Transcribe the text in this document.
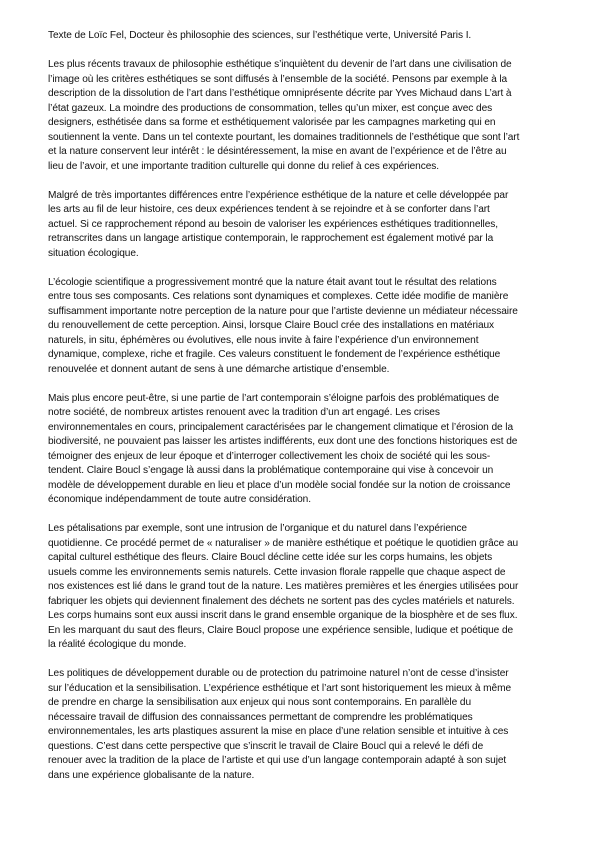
Texte de Loïc Fel, Docteur ès philosophie des sciences, sur l’esthétique verte, Université Paris I.

Les plus récents travaux de philosophie esthétique s’inquiètent du devenir de l’art dans une civilisation de l’image où les critères esthétiques se sont diffusés à l’ensemble de la société. Pensons par exemple à la description de la dissolution de l’art dans l’esthétique omniprésente décrite par Yves Michaud dans L’art à l’état gazeux. La moindre des productions de consommation, telles qu’un mixer, est conçue avec des designers, esthétisée dans sa forme et esthétiquement valorisée par les campagnes marketing qui en soutiennent la vente. Dans un tel contexte pourtant, les domaines traditionnels de l’esthétique que sont l’art et la nature conservent leur intérêt : le désintéressement, la mise en avant de l’expérience et de l’être au lieu de l’avoir, et une importante tradition culturelle qui donne du relief à ces expériences.

Malgré de très importantes différences entre l’expérience esthétique de la nature et celle développée par les arts au fil de leur histoire, ces deux expériences tendent à se rejoindre et à se conforter dans l’art actuel. Si ce rapprochement répond au besoin de valoriser les expériences esthétiques traditionnelles, retranscrites dans un langage artistique contemporain, le rapprochement est également motivé par la situation écologique.

L’écologie scientifique a progressivement montré que la nature était avant tout le résultat des relations entre tous ses composants. Ces relations sont dynamiques et complexes. Cette idée modifie de manière suffisamment importante notre perception de la nature pour que l’artiste devienne un médiateur nécessaire du renouvellement de cette perception. Ainsi, lorsque Claire Boucl crée des installations en matériaux naturels, in situ, éphémères ou évolutives, elle nous invite à faire l’expérience d’un environnement dynamique, complexe, riche et fragile. Ces valeurs constituent le fondement de l’expérience esthétique renouvelée et donnent autant de sens à une démarche artistique d’ensemble.

Mais plus encore peut-être, si une partie de l’art contemporain s’éloigne parfois des problématiques de notre société, de nombreux artistes renouent avec la tradition d’un art engagé. Les crises environnementales en cours, principalement caractérisées par le changement climatique et l’érosion de la biodiversité, ne pouvaient pas laisser les artistes indifférents, eux dont une des fonctions historiques est de témoigner des enjeux de leur époque et d’interroger collectivement les choix de société qui les sous-tendent. Claire Boucl s’engage là aussi dans la problématique contemporaine qui vise à concevoir un modèle de développement durable en lieu et place d’un modèle social fondée sur la notion de croissance économique indépendamment de toute autre considération.

Les pétalisations par exemple, sont une intrusion de l’organique et du naturel dans l’expérience quotidienne. Ce procédé permet de « naturaliser » de manière esthétique et poétique le quotidien grâce au capital culturel esthétique des fleurs. Claire Boucl décline cette idée sur les corps humains, les objets usuels comme les environnements semis naturels. Cette invasion florale rappelle que chaque aspect de nos existences est lié dans le grand tout de la nature. Les matières premières et les énergies utilisées pour fabriquer les objets qui deviennent finalement des déchets ne sortent pas des cycles matériels et naturels. Les corps humains sont eux aussi inscrit dans le grand ensemble organique de la biosphère et de ses flux. En les marquant du saut des fleurs, Claire Boucl propose une expérience sensible, ludique et poétique de la réalité écologique du monde.

Les politiques de développement durable ou de protection du patrimoine naturel n’ont de cesse d’insister sur l’éducation et la sensibilisation. L’expérience esthétique et l’art sont historiquement les mieux à même de prendre en charge la sensibilisation aux enjeux qui nous sont contemporains. En parallèle du nécessaire travail de diffusion des connaissances permettant de comprendre les problématiques environnementales, les arts plastiques assurent la mise en place d’une relation sensible et intuitive à ces questions. C’est dans cette perspective que s’inscrit le travail de Claire Boucl qui a relevé le défi de renouer avec la tradition de la place de l’artiste et qui use d’un langage contemporain adapté à son sujet dans une expérience globalisante de la nature.
